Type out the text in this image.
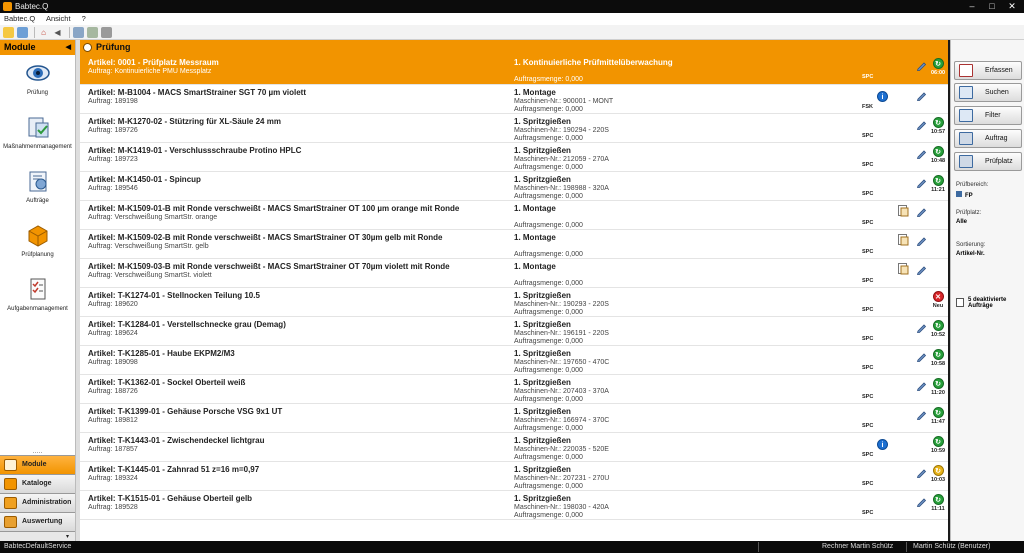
Babtec.Q	–	□	✕
Babtec.Q Ansicht ?
⌂	◀
Module	◀
Prüfung
Maßnahmenmanagement
Aufträge
Prüfplanung
Aufgabenmanagement
.....
Module
Kataloge
Administration
Auswertung
▾
Prüfung
Artikel: 0001 - Prüfplatz Messraum
Auftrag: Kontinuierliche PMU Messplatz
1. Kontinuierliche Prüfmittelüberwachung
Auftragsmenge: 0,000	SPC
↻
06:00
Artikel: M-B1004 - MACS SmartStrainer SGT 70 µm violett
Auftrag: 189198
1. Montage
Maschinen-Nr.: 900001 - MONT
Auftragsmenge: 0,000	FSK
i
Artikel: M-K1270-02 - Stützring für XL-Säule 24 mm
Auftrag: 189726
1. Spritzgießen
Maschinen-Nr.: 190294 - 220S
Auftragsmenge: 0,000	SPC
↻
10:57
Artikel: M-K1419-01 - Verschlussschraube Protino HPLC
Auftrag: 189723
1. Spritzgießen
Maschinen-Nr.: 212059 - 270A
Auftragsmenge: 0,000	SPC
↻
10:48
Artikel: M-K1450-01 - Spincup
Auftrag: 189546
1. Spritzgießen
Maschinen-Nr.: 198988 - 320A
Auftragsmenge: 0,000	SPC
↻
11:21
Artikel: M-K1509-01-B mit Ronde verschweißt - MACS SmartStrainer OT 100 µm orange mit Ronde
Auftrag: Verschweißung SmartStr. orange
1. Montage
Auftragsmenge: 0,000	SPC
Artikel: M-K1509-02-B mit Ronde verschweißt - MACS SmartStrainer OT 30µm gelb mit Ronde
Auftrag: Verschweißung SmartStr. gelb
1. Montage
Auftragsmenge: 0,000	SPC
Artikel: M-K1509-03-B mit Ronde verschweißt - MACS SmartStrainer OT 70µm violett mit Ronde
Auftrag: Verschweißung SmartSt. violett
1. Montage
Auftragsmenge: 0,000	SPC
Artikel: T-K1274-01 - Stellnocken Teilung 10.5
Auftrag: 189620
1. Spritzgießen
Maschinen-Nr.: 190293 - 220S
Auftragsmenge: 0,000	SPC
✕
Neu
Artikel: T-K1284-01 - Verstellschnecke grau (Demag)
Auftrag: 189624
1. Spritzgießen
Maschinen-Nr.: 196191 - 220S
Auftragsmenge: 0,000	SPC
↻
10:52
Artikel: T-K1285-01 - Haube EKPM2/M3
Auftrag: 189098
1. Spritzgießen
Maschinen-Nr.: 197650 - 470C
Auftragsmenge: 0,000	SPC
↻
10:58
Artikel: T-K1362-01 - Sockel Oberteil weiß
Auftrag: 188726
1. Spritzgießen
Maschinen-Nr.: 207403 - 370A
Auftragsmenge: 0,000	SPC
↻
11:20
Artikel: T-K1399-01 - Gehäuse Porsche VSG 9x1 UT
Auftrag: 189812
1. Spritzgießen
Maschinen-Nr.: 166974 - 370C
Auftragsmenge: 0,000	SPC
↻
11:47
Artikel: T-K1443-01 - Zwischendeckel lichtgrau
Auftrag: 187857
1. Spritzgießen
Maschinen-Nr.: 220035 - 520E
Auftragsmenge: 0,000	SPC
i	↻
10:59
Artikel: T-K1445-01 - Zahnrad 51 z=16 m=0,97
Auftrag: 189324
1. Spritzgießen
Maschinen-Nr.: 207231 - 270U
Auftragsmenge: 0,000	SPC
↻
10:03
Artikel: T-K1515-01 - Gehäuse Oberteil gelb
Auftrag: 189528
1. Spritzgießen
Maschinen-Nr.: 198030 - 420A
Auftragsmenge: 0,000	SPC
↻
11:11
Erfassen
Suchen
Filter
Auftrag
Prüfplatz
Prüfbereich:
FP
Prüfplatz:
Alle
Sortierung:
Artikel-Nr.
5 deaktivierte Aufträge
BabtecDefaultService	Rechner Martin Schütz	Martin Schütz (Benutzer)
